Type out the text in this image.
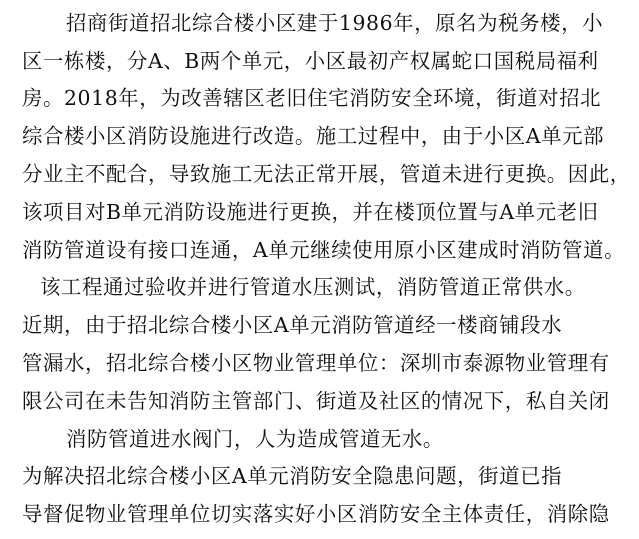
招商街道招北综合楼小区建于1986年，原名为税务楼，小
区一栋楼，分A、B两个单元，小区最初产权属蛇口国税局福利
房。2018年，为改善辖区老旧住宅消防安全环境，街道对招北
综合楼小区消防设施进行改造。施工过程中，由于小区A单元部
分业主不配合，导致施工无法正常开展，管道未进行更换。因此，
该项目对B单元消防设施进行更换，并在楼顶位置与A单元老旧
消防管道设有接口连通，A单元继续使用原小区建成时消防管道。
该工程通过验收并进行管道水压测试，消防管道正常供水。
近期，由于招北综合楼小区A单元消防管道经一楼商铺段水
管漏水，招北综合楼小区物业管理单位：深圳市泰源物业管理有
限公司在未告知消防主管部门、街道及社区的情况下，私自关闭
消防管道进水阀门，人为造成管道无水。
为解决招北综合楼小区A单元消防安全隐患问题，街道已指
导督促物业管理单位切实落实好小区消防安全主体责任，消除隐
